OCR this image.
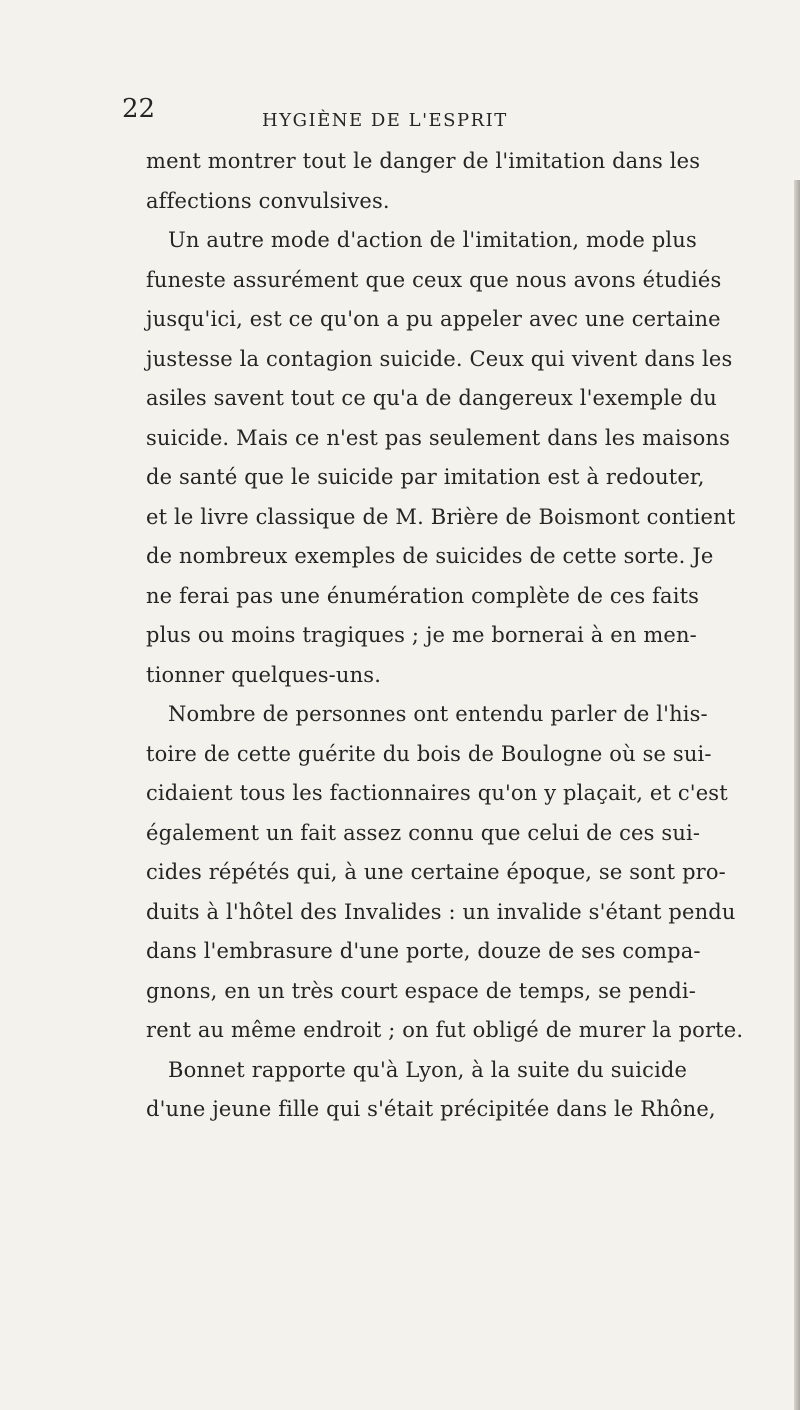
22	HYGIÈNE DE L'ESPRIT
ment montrer tout le danger de l'imitation dans les
affections convulsives.
Un autre mode d'action de l'imitation, mode plus
funeste assurément que ceux que nous avons étudiés
jusqu'ici, est ce qu'on a pu appeler avec une certaine
justesse la contagion suicide. Ceux qui vivent dans les
asiles savent tout ce qu'a de dangereux l'exemple du
suicide. Mais ce n'est pas seulement dans les maisons
de santé que le suicide par imitation est à redouter,
et le livre classique de M. Brière de Boismont contient
de nombreux exemples de suicides de cette sorte. Je
ne ferai pas une énumération complète de ces faits
plus ou moins tragiques ; je me bornerai à en men-
tionner quelques-uns.
Nombre de personnes ont entendu parler de l'his-
toire de cette guérite du bois de Boulogne où se sui-
cidaient tous les factionnaires qu'on y plaçait, et c'est
également un fait assez connu que celui de ces sui-
cides répétés qui, à une certaine époque, se sont pro-
duits à l'hôtel des Invalides : un invalide s'étant pendu
dans l'embrasure d'une porte, douze de ses compa-
gnons, en un très court espace de temps, se pendi-
rent au même endroit ; on fut obligé de murer la porte.
Bonnet rapporte qu'à Lyon, à la suite du suicide
d'une jeune fille qui s'était précipitée dans le Rhône,
